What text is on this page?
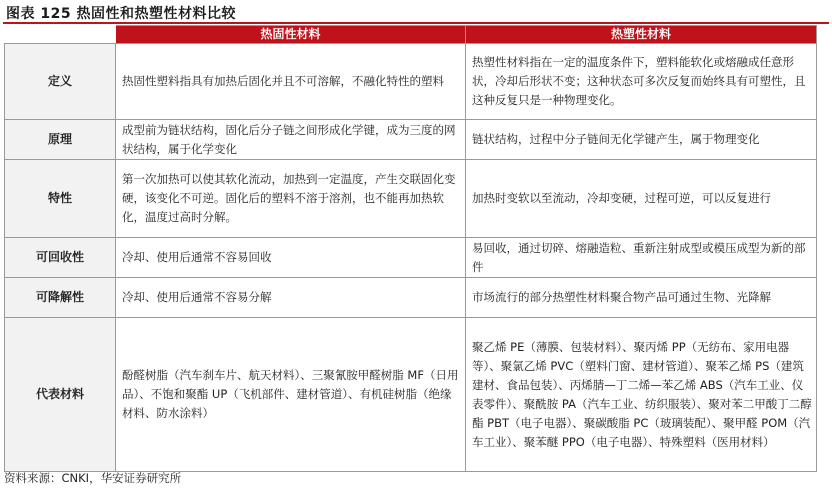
图表 125 热固性和热塑性材料比较
	热固性材料	热塑性材料
定义	热固性塑料指具有加热后固化并且不可溶解，不融化特性的塑料	热塑性材料指在一定的温度条件下，塑料能软化或熔融成任意形状，冷却后形状不变；这种状态可多次反复而始终具有可塑性，且这种反复只是一种物理变化。
原理	成型前为链状结构，固化后分子链之间形成化学键，成为三度的网状结构，属于化学变化	链状结构，过程中分子链间无化学键产生，属于物理变化
特性	第一次加热可以使其软化流动，加热到一定温度，产生交联固化变硬，该变化不可逆。固化后的塑料不溶于溶剂，也不能再加热软化，温度过高时分解。	加热时变软以至流动，冷却变硬，过程可逆，可以反复进行
可回收性	冷却、使用后通常不容易回收	易回收，通过切碎、熔融造粒、重新注射成型或模压成型为新的部件
可降解性	冷却、使用后通常不容易分解	市场流行的部分热塑性材料聚合物产品可通过生物、光降解
代表材料	酚醛树脂（汽车刹车片、航天材料）、三聚氰胺甲醛树脂 MF（日用品）、不饱和聚酯 UP（飞机部件、建材管道）、有机硅树脂（绝缘材料、防水涂料）	聚乙烯 PE（薄膜、包装材料）、聚丙烯 PP（无纺布、家用电器等）、聚氯乙烯 PVC（塑料门窗、建材管道）、聚苯乙烯 PS（建筑建材、食品包装）、丙烯腈—丁二烯—苯乙烯 ABS（汽车工业、仪表零件）、聚酰胺 PA（汽车工业、纺织服装）、聚对苯二甲酸丁二醇酯 PBT（电子电器）、聚碳酸脂 PC（玻璃装配）、聚甲醛 POM（汽车工业）、聚苯醚 PPO（电子电器）、特殊塑料（医用材料）
资料来源：CNKI，华安证券研究所
